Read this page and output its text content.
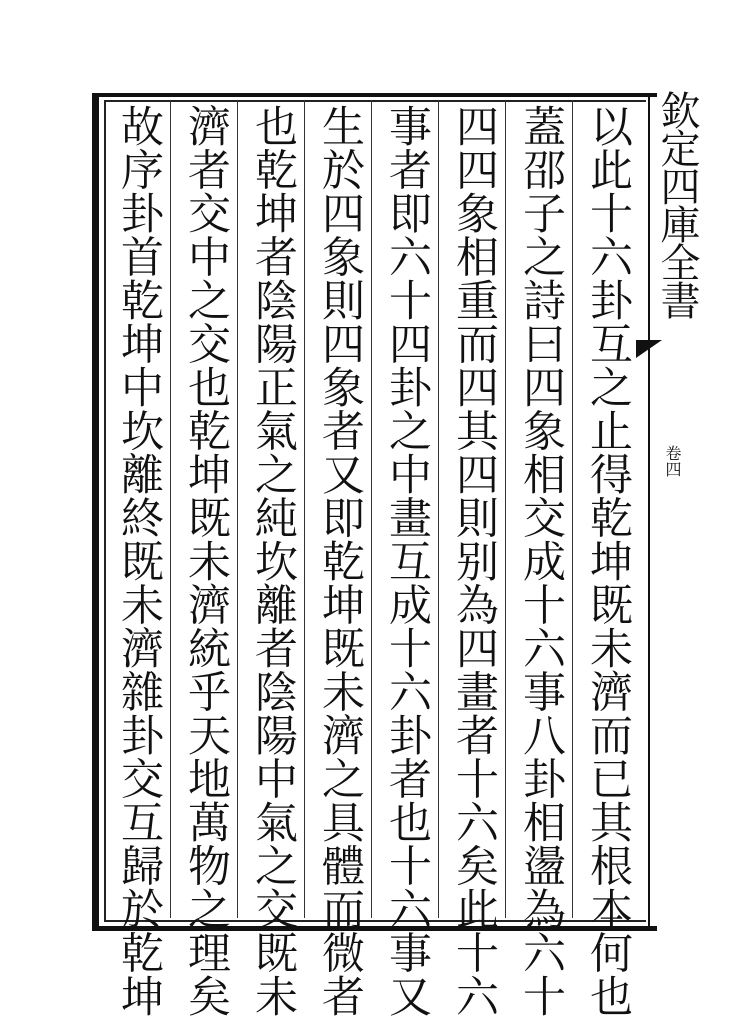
欽定四庫全書
卷四
以此十六卦互之止得乾坤既未濟而已其根本何也
蓋邵子之詩曰四象相交成十六事八卦相盪為六十
四四象相重而四其四則别為四畫者十六矣此十六
事者即六十四卦之中畫互成十六卦者也十六事又
生於四象則四象者又即乾坤既未濟之具體而微者
也乾坤者陰陽正氣之純坎離者陰陽中氣之交既未
濟者交中之交也乾坤既未濟統乎天地萬物之理矣
故序卦首乾坤中坎離終既未濟雜卦交互歸於乾坤
